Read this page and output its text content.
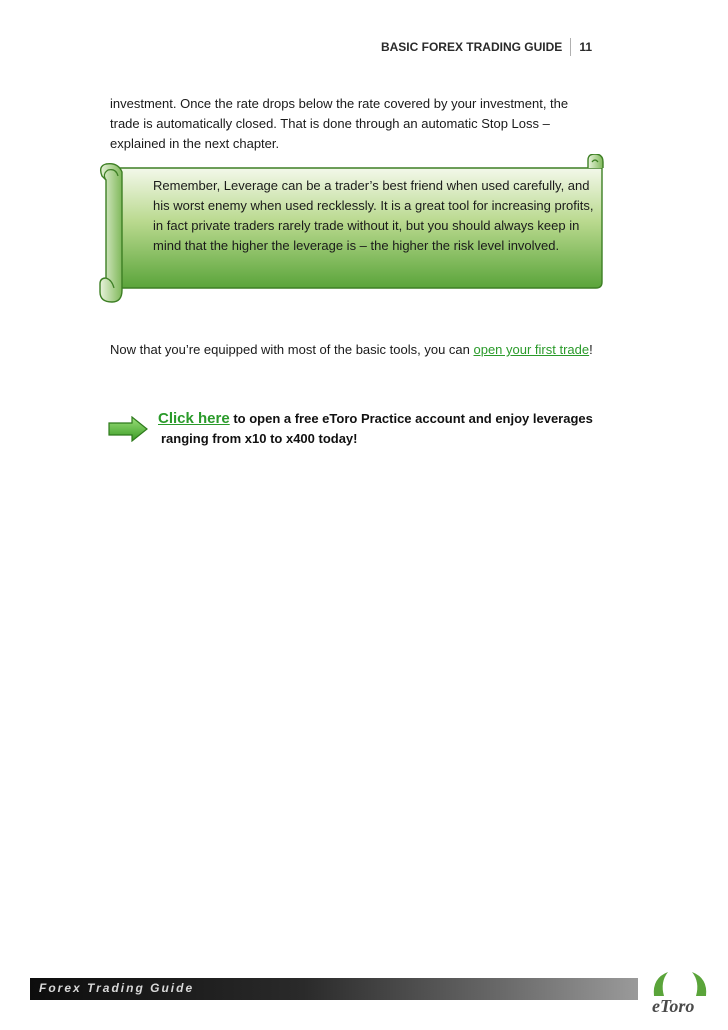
BASIC FOREX TRADING GUIDE 11
investment. Once the rate drops below the rate covered by your investment, the trade is automatically closed. That is done through an automatic Stop Loss – explained in the next chapter.
Remember, Leverage can be a trader’s best friend when used carefully, and his worst enemy when used recklessly. It is a great tool for increasing profits, in fact private traders rarely trade without it, but you should always keep in mind that the higher the leverage is – the higher the risk level involved.
Now that you’re equipped with most of the basic tools, you can open your first trade!
Click here to open a free eToro Practice account and enjoy leverages
ranging from x10 to x400 today!
Forex Trading Guide
eToro
